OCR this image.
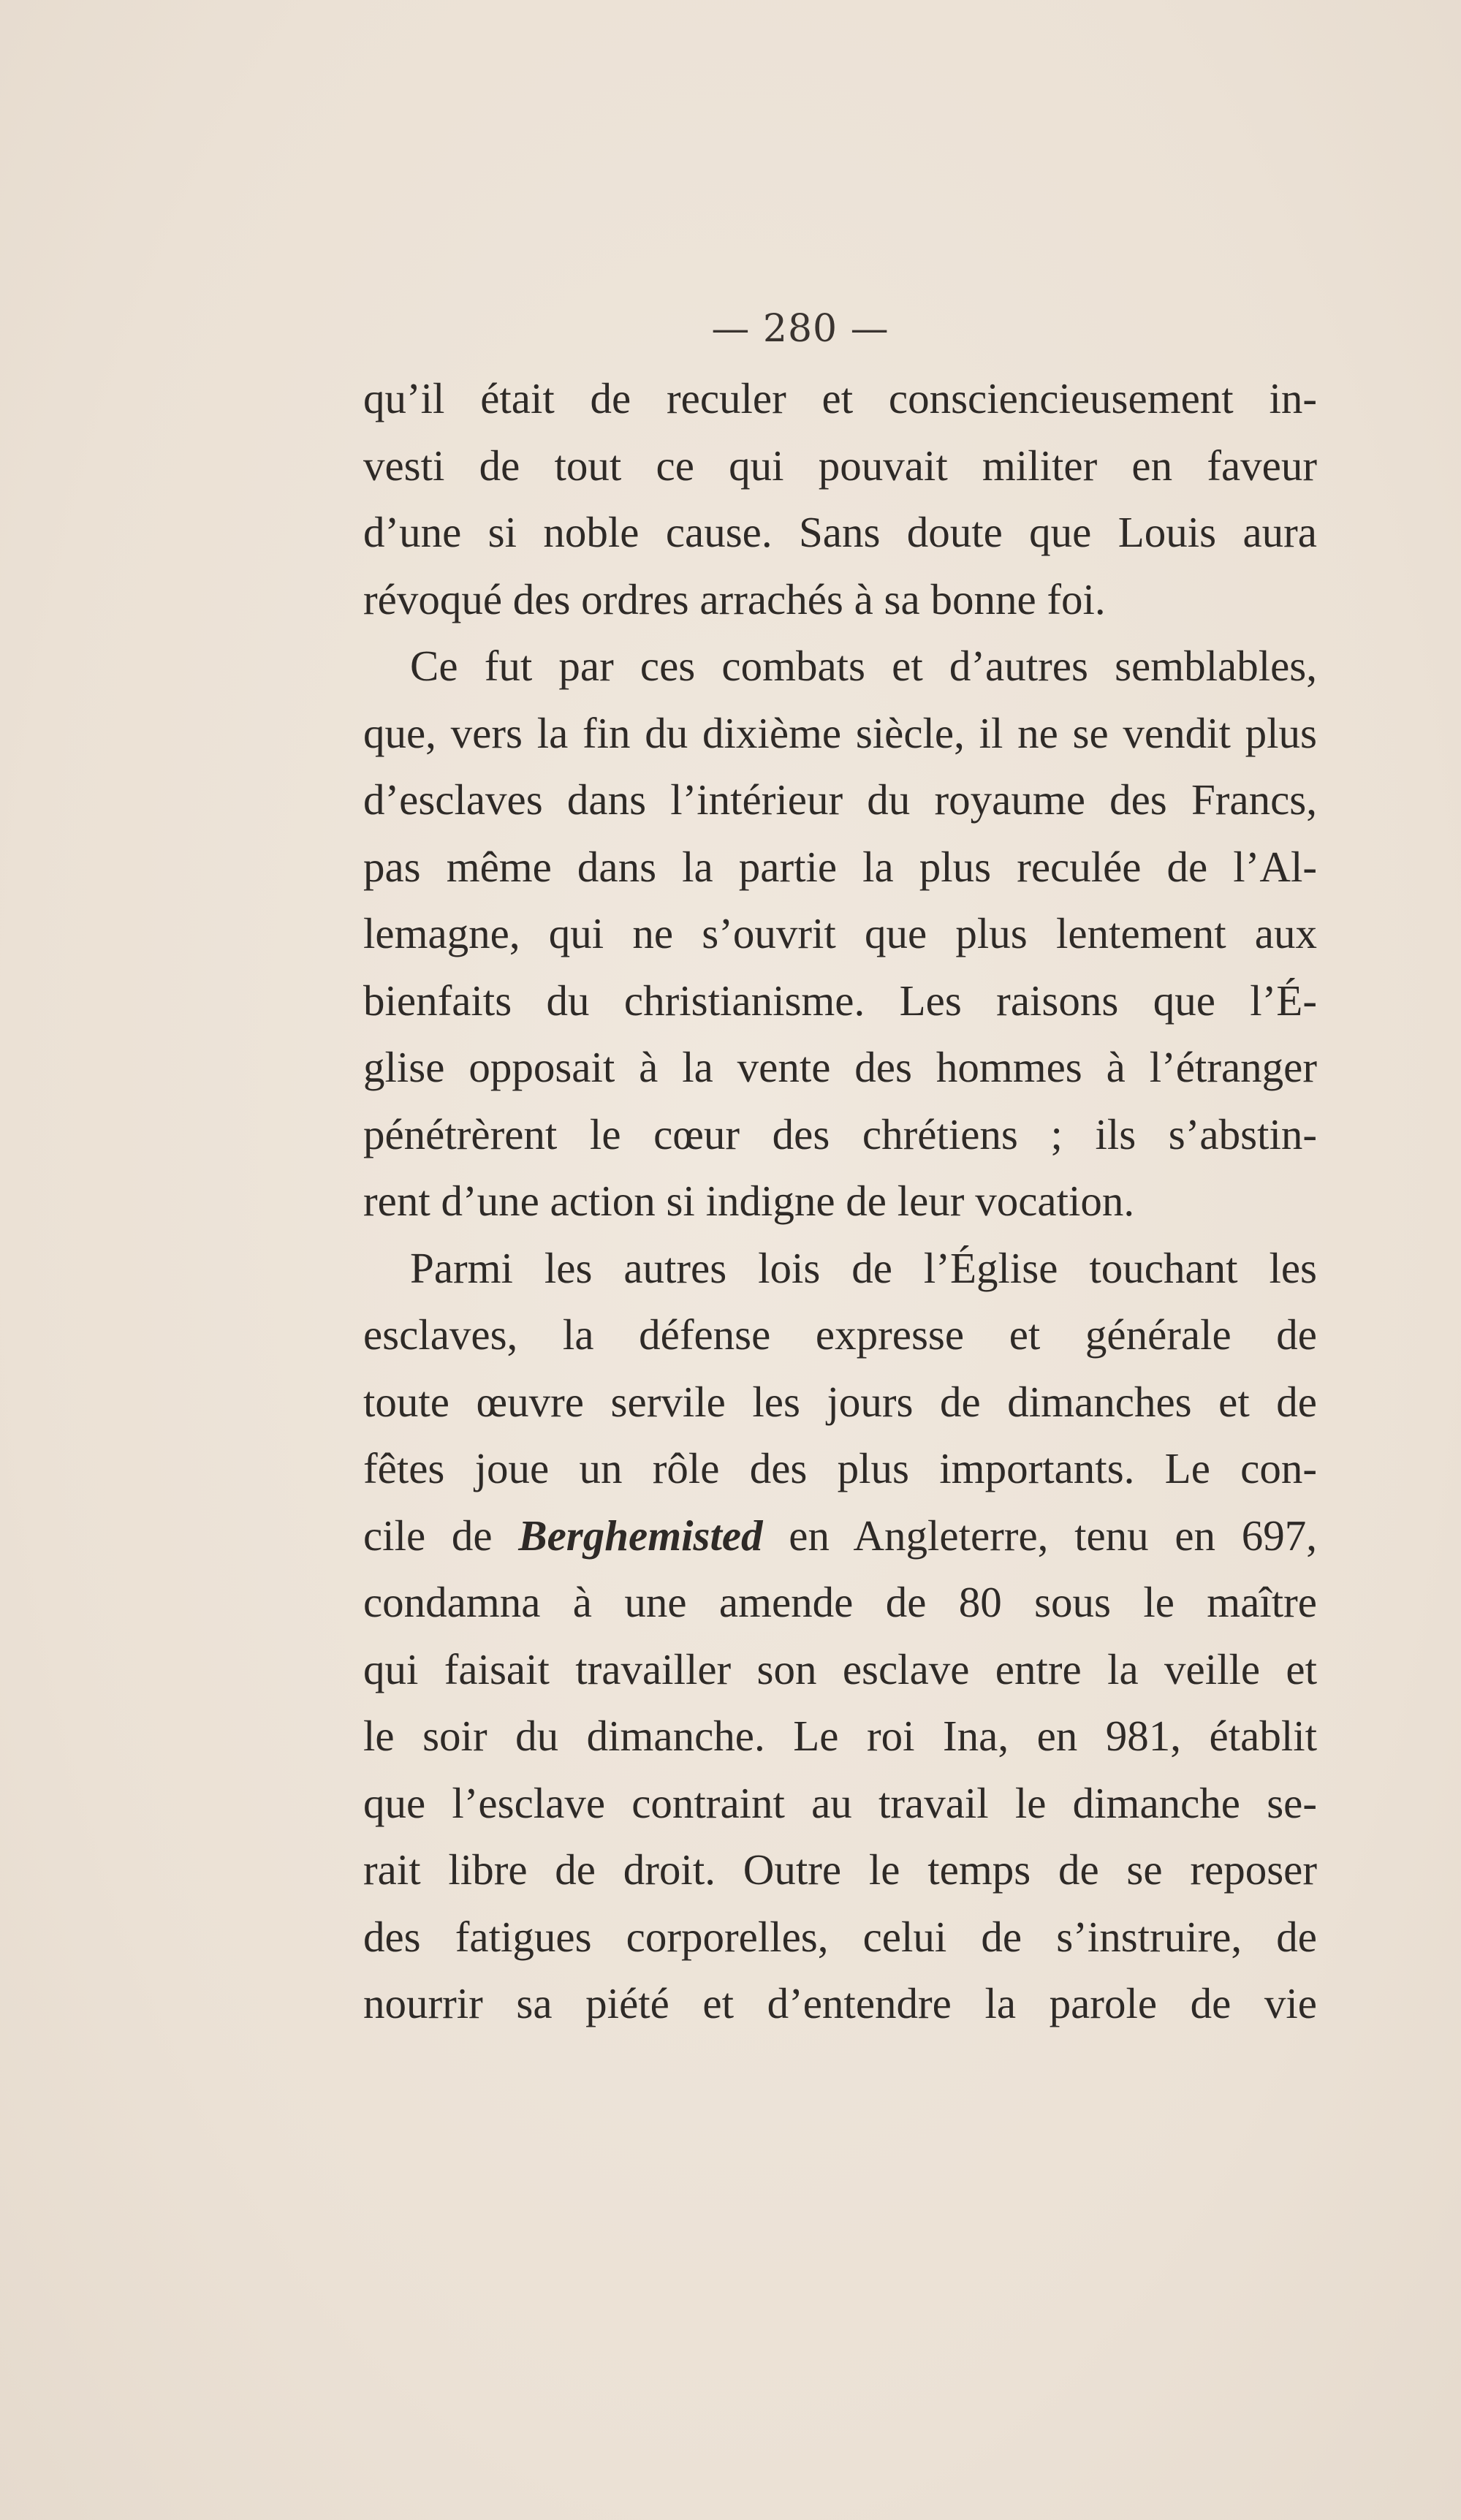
— 280 —
qu’il était de reculer et consciencieusement in-
vesti de tout ce qui pouvait militer en faveur
d’une si noble cause. Sans doute que Louis aura
révoqué des ordres arrachés à sa bonne foi.
Ce fut par ces combats et d’autres semblables,
que, vers la fin du dixième siècle, il ne se vendit plus
d’esclaves dans l’intérieur du royaume des Francs,
pas même dans la partie la plus reculée de l’Al-
lemagne, qui ne s’ouvrit que plus lentement aux
bienfaits du christianisme. Les raisons que l’É-
glise opposait à la vente des hommes à l’étranger
pénétrèrent le cœur des chrétiens ; ils s’abstin-
rent d’une action si indigne de leur vocation.
Parmi les autres lois de l’Église touchant les
esclaves, la défense expresse et générale de
toute œuvre servile les jours de dimanches et de
fêtes joue un rôle des plus importants. Le con-
cile de Berghemisted en Angleterre, tenu en 697,
condamna à une amende de 80 sous le maître
qui faisait travailler son esclave entre la veille et
le soir du dimanche. Le roi Ina, en 981, établit
que l’esclave contraint au travail le dimanche se-
rait libre de droit. Outre le temps de se reposer
des fatigues corporelles, celui de s’instruire, de
nourrir sa piété et d’entendre la parole de vie
